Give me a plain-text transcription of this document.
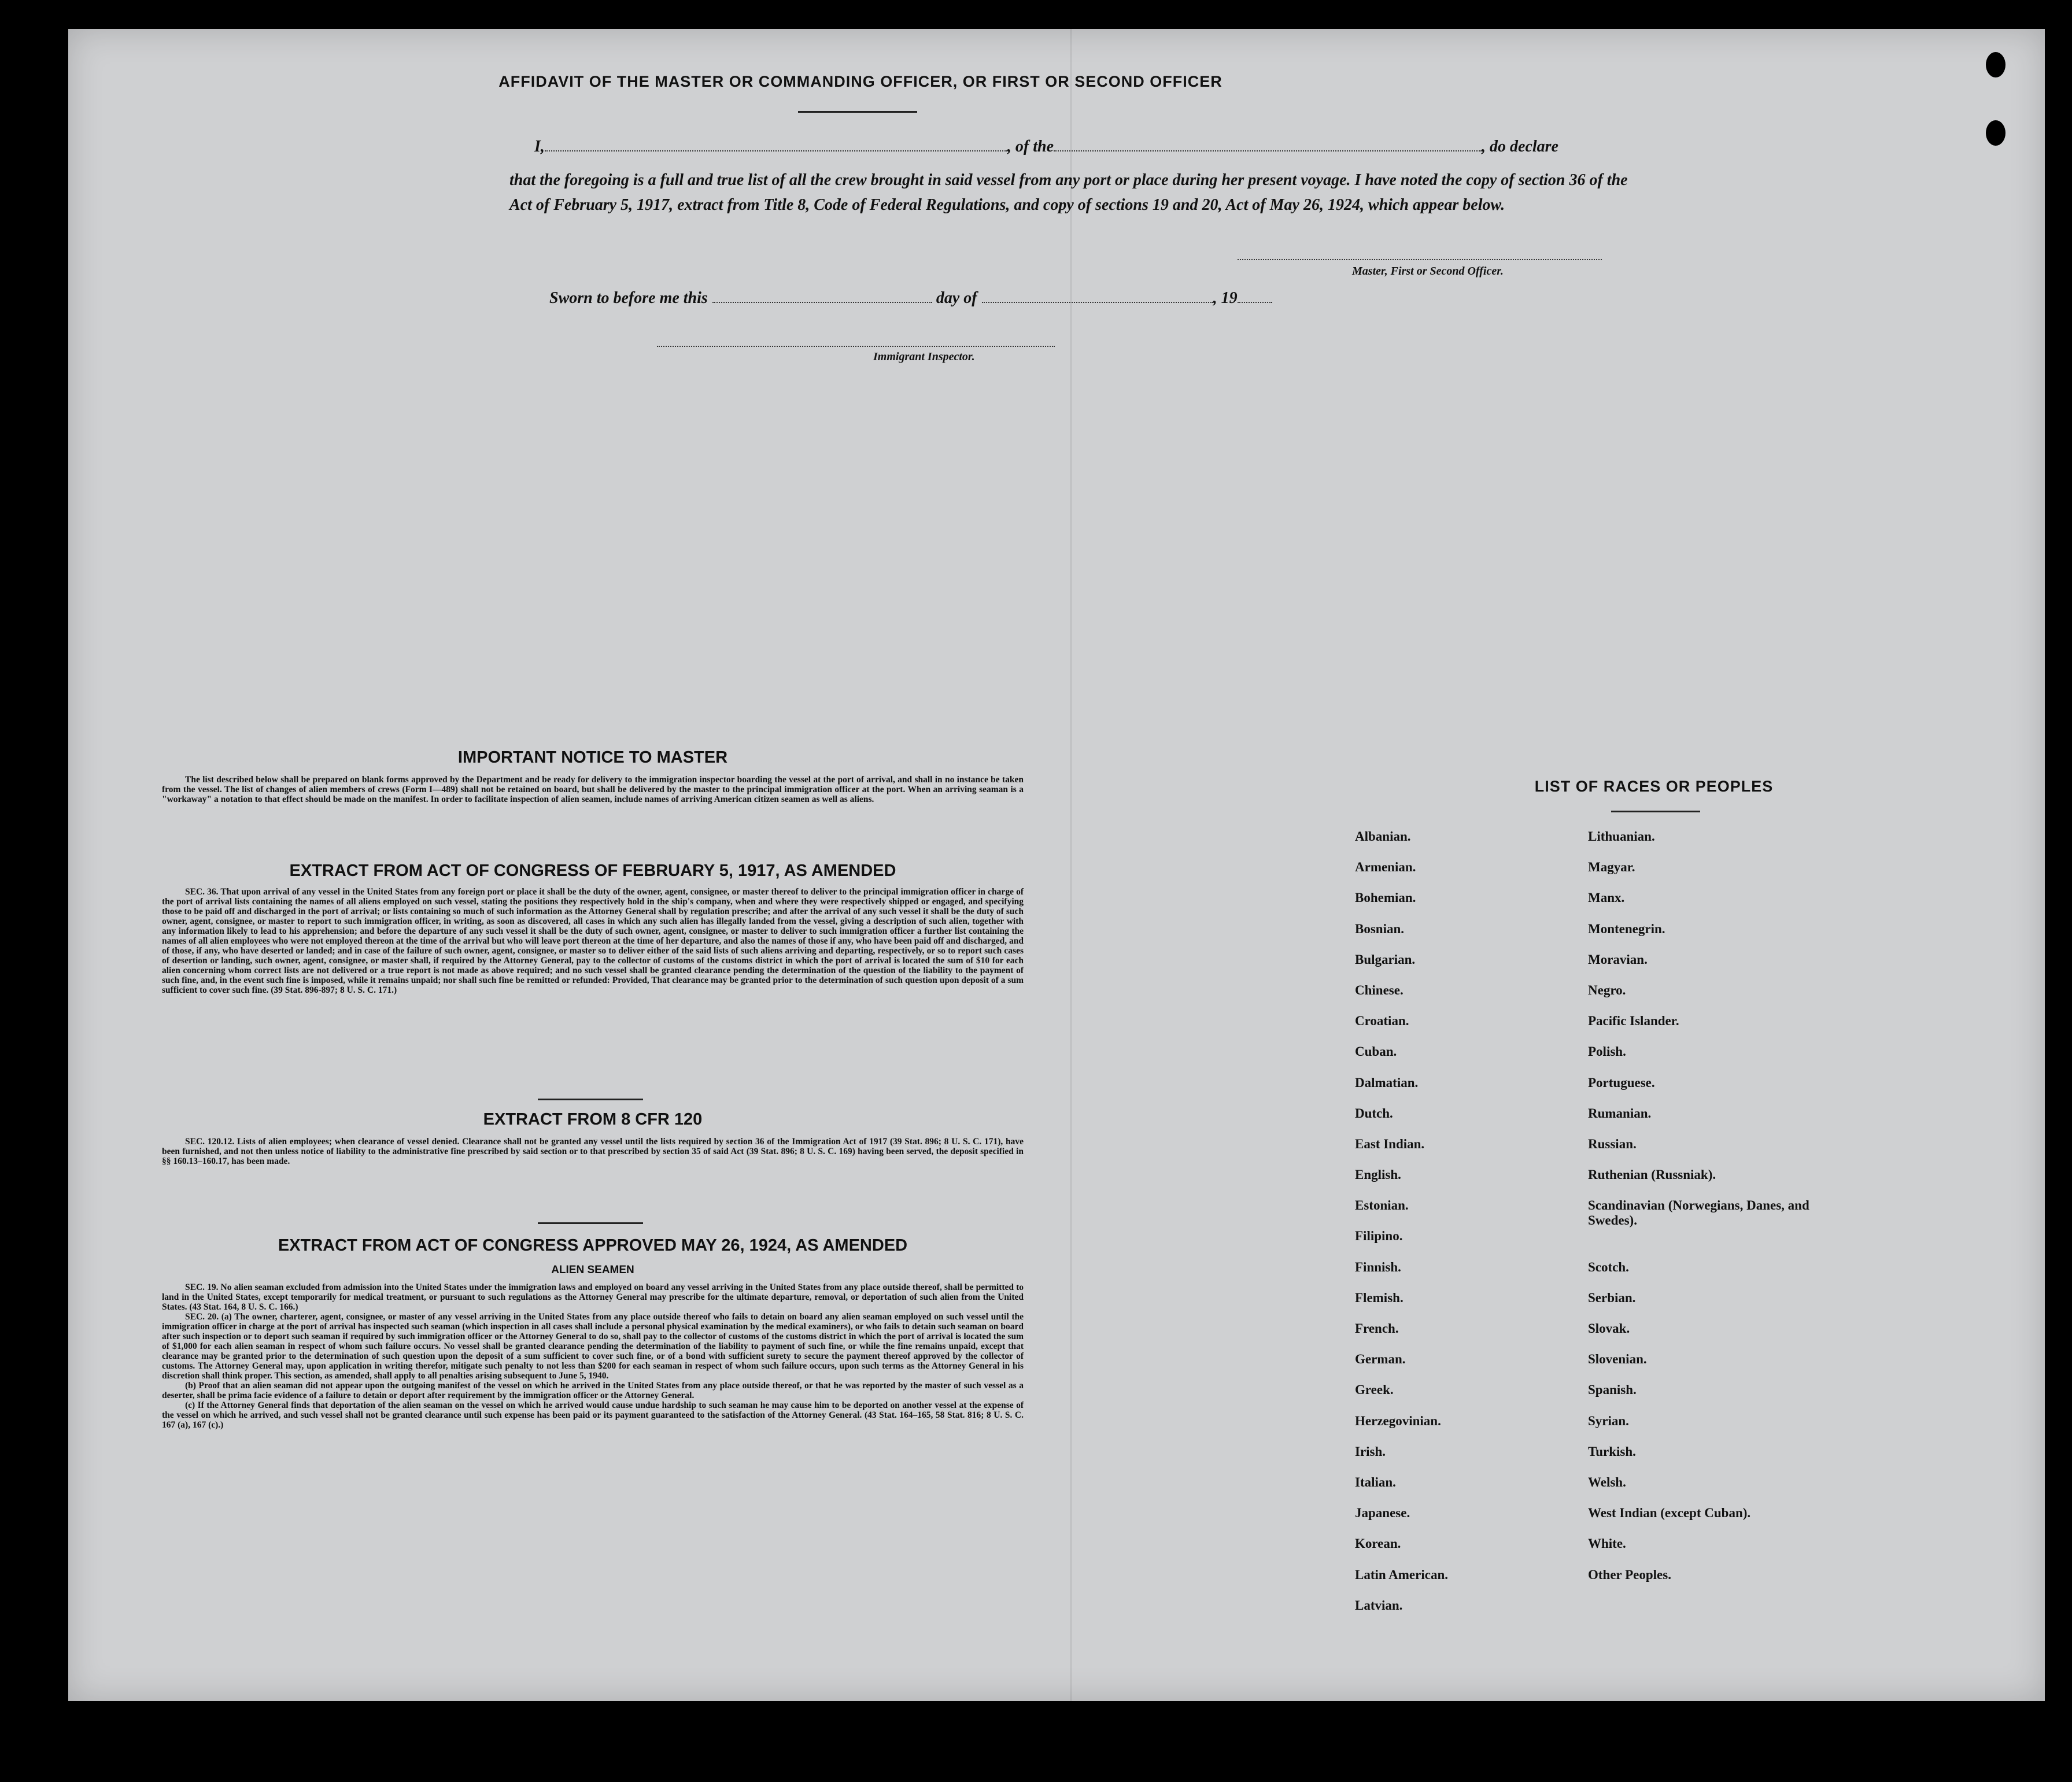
AFFIDAVIT OF THE MASTER OR COMMANDING OFFICER, OR FIRST OR SECOND OFFICER
I,	, of the	, do declare
that the foregoing is a full and true list of all the crew brought in said vessel from any port or place during her present voyage. I have noted the copy of section 36 of the Act of February 5, 1917, extract from Title 8, Code of Federal Regulations, and copy of sections 19 and 20, Act of May 26, 1924, which appear below.
Master, First or Second Officer.
Sworn to before me this	day of	, 19
Immigrant Inspector.
IMPORTANT NOTICE TO MASTER

The list described below shall be prepared on blank forms approved by the Department and be ready for delivery to the immigration inspector boarding the vessel at the port of arrival, and shall in no instance be taken from the vessel. The list of changes of alien members of crews (Form I—489) shall not be retained on board, but shall be delivered by the master to the principal immigration officer at the port. When an arriving seaman is a "workaway" a notation to that effect should be made on the manifest. In order to facilitate inspection of alien seamen, include names of arriving American citizen seamen as well as aliens.

EXTRACT FROM ACT OF CONGRESS OF FEBRUARY 5, 1917, AS AMENDED

SEC. 36. That upon arrival of any vessel in the United States from any foreign port or place it shall be the duty of the owner, agent, consignee, or master thereof to deliver to the principal immigration officer in charge of the port of arrival lists containing the names of all aliens employed on such vessel, stating the positions they respectively hold in the ship's company, when and where they were respectively shipped or engaged, and specifying those to be paid off and discharged in the port of arrival; or lists containing so much of such information as the Attorney General shall by regulation prescribe; and after the arrival of any such vessel it shall be the duty of such owner, agent, consignee, or master to report to such immigration officer, in writing, as soon as discovered, all cases in which any such alien has illegally landed from the vessel, giving a description of such alien, together with any information likely to lead to his apprehension; and before the departure of any such vessel it shall be the duty of such owner, agent, consignee, or master to deliver to such immigration officer a further list containing the names of all alien employees who were not employed thereon at the time of the arrival but who will leave port thereon at the time of her departure, and also the names of those if any, who have been paid off and discharged, and of those, if any, who have deserted or landed; and in case of the failure of such owner, agent, consignee, or master so to deliver either of the said lists of such aliens arriving and departing, respectively, or so to report such cases of desertion or landing, such owner, agent, consignee, or master shall, if required by the Attorney General, pay to the collector of customs of the customs district in which the port of arrival is located the sum of $10 for each alien concerning whom correct lists are not delivered or a true report is not made as above required; and no such vessel shall be granted clearance pending the determination of the question of the liability to the payment of such fine, and, in the event such fine is imposed, while it remains unpaid; nor shall such fine be remitted or refunded: Provided, That clearance may be granted prior to the determination of such question upon deposit of a sum sufficient to cover such fine. (39 Stat. 896-897; 8 U. S. C. 171.)

EXTRACT FROM 8 CFR 120

SEC. 120.12. Lists of alien employees; when clearance of vessel denied. Clearance shall not be granted any vessel until the lists required by section 36 of the Immigration Act of 1917 (39 Stat. 896; 8 U. S. C. 171), have been furnished, and not then unless notice of liability to the administrative fine prescribed by said section or to that prescribed by section 35 of said Act (39 Stat. 896; 8 U. S. C. 169) having been served, the deposit specified in §§ 160.13–160.17, has been made.

EXTRACT FROM ACT OF CONGRESS APPROVED MAY 26, 1924, AS AMENDED
ALIEN SEAMEN

SEC. 19. No alien seaman excluded from admission into the United States under the immigration laws and employed on board any vessel arriving in the United States from any place outside thereof, shall be permitted to land in the United States, except temporarily for medical treatment, or pursuant to such regulations as the Attorney General may prescribe for the ultimate departure, removal, or deportation of such alien from the United States. (43 Stat. 164, 8 U. S. C. 166.)

SEC. 20. (a) The owner, charterer, agent, consignee, or master of any vessel arriving in the United States from any place outside thereof who fails to detain on board any alien seaman employed on such vessel until the immigration officer in charge at the port of arrival has inspected such seaman (which inspection in all cases shall include a personal physical examination by the medical examiners), or who fails to detain such seaman on board after such inspection or to deport such seaman if required by such immigration officer or the Attorney General to do so, shall pay to the collector of customs of the customs district in which the port of arrival is located the sum of $1,000 for each alien seaman in respect of whom such failure occurs. No vessel shall be granted clearance pending the determination of the liability to payment of such fine, or while the fine remains unpaid, except that clearance may be granted prior to the determination of such question upon the deposit of a sum sufficient to cover such fine, or of a bond with sufficient surety to secure the payment thereof approved by the collector of customs. The Attorney General may, upon application in writing therefor, mitigate such penalty to not less than $200 for each seaman in respect of whom such failure occurs, upon such terms as the Attorney General in his discretion shall think proper. This section, as amended, shall apply to all penalties arising subsequent to June 5, 1940.

(b) Proof that an alien seaman did not appear upon the outgoing manifest of the vessel on which he arrived in the United States from any place outside thereof, or that he was reported by the master of such vessel as a deserter, shall be prima facie evidence of a failure to detain or deport after requirement by the immigration officer or the Attorney General.

(c) If the Attorney General finds that deportation of the alien seaman on the vessel on which he arrived would cause undue hardship to such seaman he may cause him to be deported on another vessel at the expense of the vessel on which he arrived, and such vessel shall not be granted clearance until such expense has been paid or its payment guaranteed to the satisfaction of the Attorney General. (43 Stat. 164–165, 58 Stat. 816; 8 U. S. C. 167 (a), 167 (c).)

LIST OF RACES OR PEOPLES
Albanian.
Armenian.
Bohemian.
Bosnian.
Bulgarian.
Chinese.
Croatian.
Cuban.
Dalmatian.
Dutch.
East Indian.
English.
Estonian.
Filipino.
Finnish.
Flemish.
French.
German.
Greek.
Herzegovinian.
Irish.
Italian.
Japanese.
Korean.
Latin American.
Latvian.
Lithuanian.
Magyar.
Manx.
Montenegrin.
Moravian.
Negro.
Pacific Islander.
Polish.
Portuguese.
Rumanian.
Russian.
Ruthenian (Russniak).
Scandinavian (Norwegians, Danes, and Swedes).
Scotch.
Serbian.
Slovak.
Slovenian.
Spanish.
Syrian.
Turkish.
Welsh.
West Indian (except Cuban).
White.
Other Peoples.
